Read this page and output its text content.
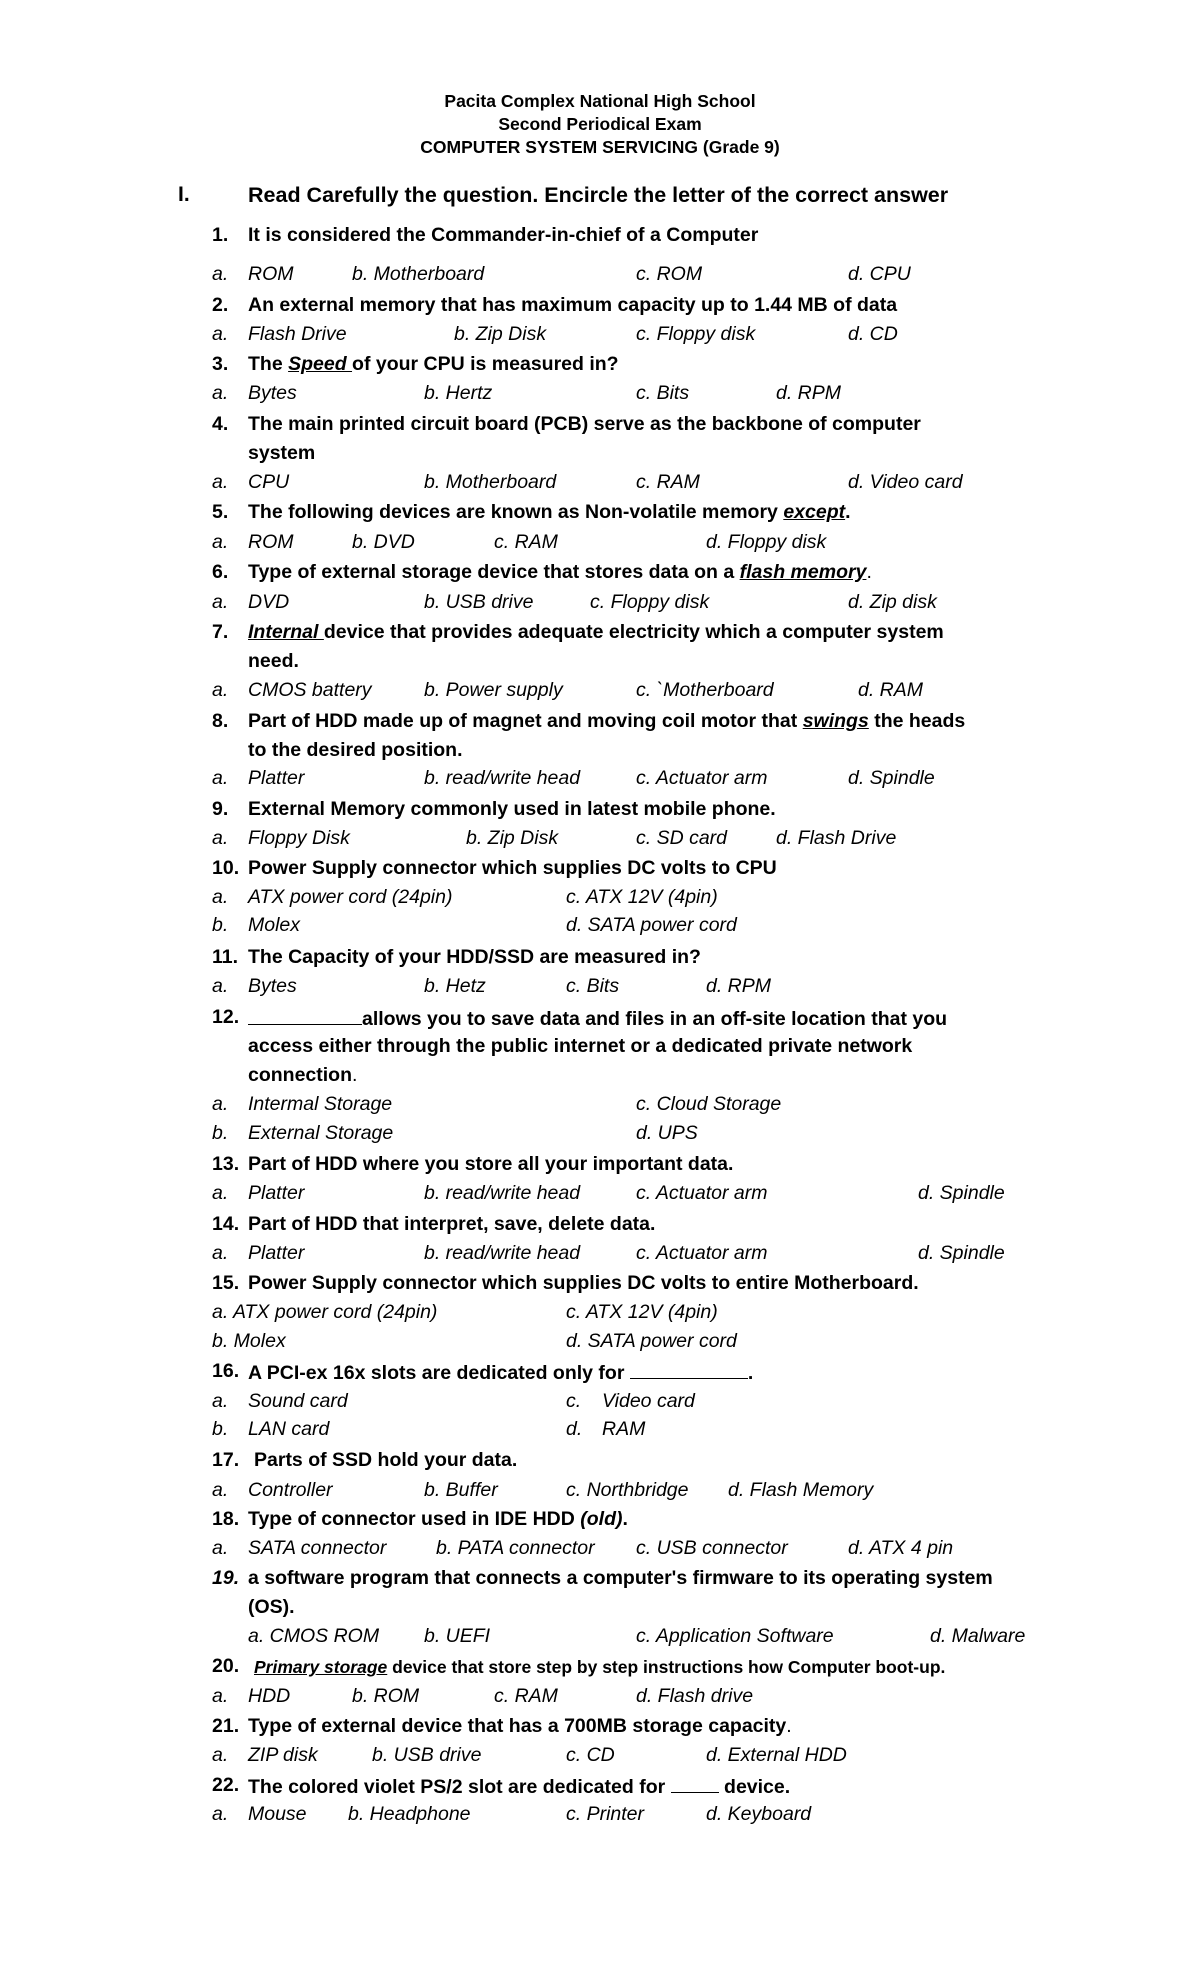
Pacita Complex National High School
Second Periodical Exam
COMPUTER SYSTEM SERVICING (Grade 9)
I.	Read Carefully the question. Encircle the letter of the correct answer
1. It is considered the Commander-in-chief of a Computer
a. ROM	b. Motherboard	c. ROM	d. CPU
2. An external memory that has maximum capacity up to 1.44 MB of data
a. Flash Drive	b. Zip Disk	c. Floppy disk	d. CD
3. The Speed of your CPU is measured in?
a. Bytes	b. Hertz	c. Bits	d. RPM
4. The main printed circuit board (PCB) serve as the backbone of computer
system
a. CPU	b. Motherboard	c. RAM	d. Video card
5. The following devices are known as Non-volatile memory except.
a. ROM	b. DVD	c. RAM	d. Floppy disk
6. Type of external storage device that stores data on a flash memory.
a. DVD	b. USB drive	c. Floppy disk	d. Zip disk
7. Internal device that provides adequate electricity which a computer system
need.
a. CMOS battery	b. Power supply	c. `Motherboard	d. RAM
8. Part of HDD made up of magnet and moving coil motor that swings the heads
to the desired position.
a. Platter	b. read/write head	c. Actuator arm	d. Spindle
9. External Memory commonly used in latest mobile phone.
a. Floppy Disk	b. Zip Disk	c. SD card	d. Flash Drive
10. Power Supply connector which supplies DC volts to CPU
a. ATX power cord (24pin)	c. ATX 12V (4pin)
b. Molex	d. SATA power cord
11. The Capacity of your HDD/SSD are measured in?
a. Bytes	b. Hetz	c. Bits	d. RPM
12.	allows you to save data and files in an off-site location that you
access either through the public internet or a dedicated private network
connection.
a. Intermal Storage	c. Cloud Storage
b. External Storage	d. UPS
13. Part of HDD where you store all your important data.
a. Platter	b. read/write head	c. Actuator arm	d. Spindle
14. Part of HDD that interpret, save, delete data.
a. Platter	b. read/write head	c. Actuator arm	d. Spindle
15. Power Supply connector which supplies DC volts to entire Motherboard.
a. ATX power cord (24pin)	c. ATX 12V (4pin)
b. Molex	d. SATA power cord
16. A PCI-ex 16x slots are dedicated only for	.
a. Sound card	c. Video card
b. LAN card	d. RAM
17. Parts of SSD hold your data.
a. Controller	b. Buffer	c. Northbridge d. Flash Memory
18. Type of connector used in IDE HDD (old).
a. SATA connector	b. PATA connector c. USB connector	d. ATX 4 pin
19. a software program that connects a computer's firmware to its operating system
(OS).
a. CMOS ROM b. UEFI	c. Application Software	d. Malware
20. Primary storage device that store step by step instructions how Computer boot-up.
a. HDD	b. ROM	c. RAM	d. Flash drive
21. Type of external device that has a 700MB storage capacity.
a. ZIP disk	b. USB drive	c. CD	d. External HDD
22. The colored violet PS/2 slot are dedicated for  device.
a. Mouse b. Headphone	c. Printer	d. Keyboard
